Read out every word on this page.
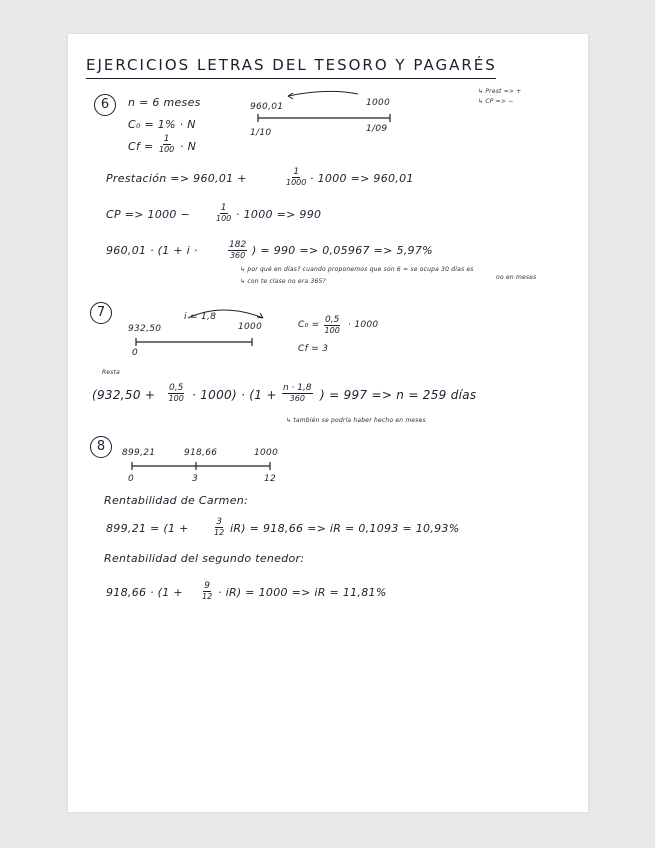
EJERCICIOS LETRAS DEL TESORO Y PAGARÉS
↳ Prest => +
↳ CP => −
6	n = 6 meses
C₀ = 1% · N
$Cf = \frac{1}{100} \cdot N$
960,01	1000
1/10	1/09
Prestación => 960,01 +	$\frac{1}{1000} \cdot 1000 => 960,01$
CP => 1000 −	$\frac{1}{100} \cdot 1000 => 990$
960,01 · (1 + i ·	$\frac{182}{360}$ ) = 990 => 0,05967 => 5,97%
↳ por qué en días? cuando proponemos que son 6 = se ocupa 30 días es
no en meses
↳ con te clase no era 365?
7	i = 1,8
932,50	1000
0
$C_0 = \frac{0,5}{100} \cdot 1000$
Cf = 3
Resta
$(932,50 + \frac{0,5}{100} \cdot 1000) \cdot (1 + \frac{n \cdot 1,8}{360}$ ) = 997 => n = 259 días
↳ también se podría haber hecho en meses
8	899,21	918,66	1000
0	3	12
Rentabilidad de Carmen:
899,21 = (1 +	$\frac{3}{12} iR) = 918,66$ => iR = 0,1093 = 10,93%
Rentabilidad del segundo tenedor:
$918,66 \cdot (1 + \frac{9}{12} \cdot iR) = 1000$ => iR = 11,81%
